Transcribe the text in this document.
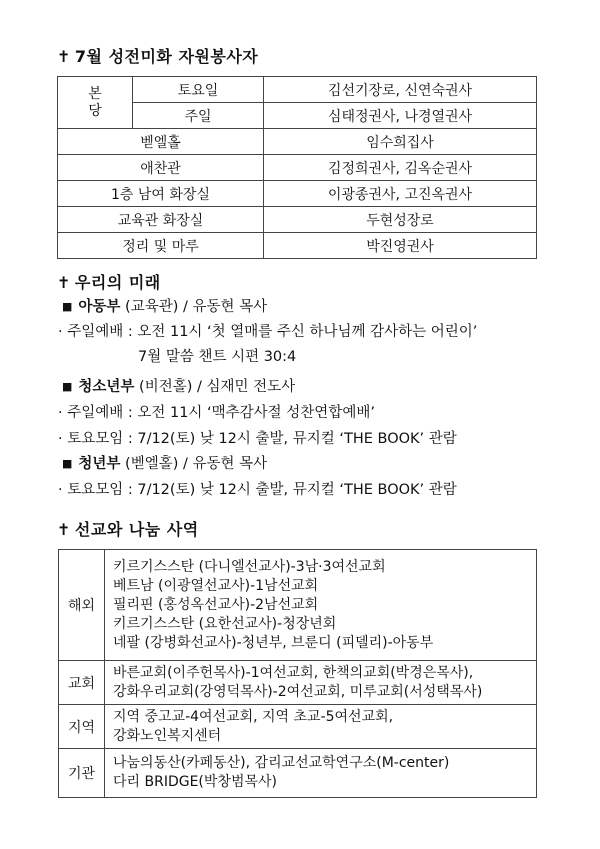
✝ 7월 성전미화 자원봉사자
본
당	토요일	김선기장로, 신연숙권사
	주일	심태정권사, 나경열권사
벧엘홀		임수희집사
애찬관		김정희권사, 김옥순권사
1층 남여 화장실		이광종권사, 고진옥권사
교육관 화장실		두현성장로
정리 및 마루		박진영권사
✝ 우리의 미래
■ 아동부 (교육관) / 유동현 목사
· 주일예배 : 오전 11시 ‘첫 열매를 주신 하나님께 감사하는 어린이’
7월 말씀 챈트 시편 30:4
■ 청소년부 (비전홀) / 심재민 전도사
· 주일예배 : 오전 11시 ‘맥추감사절 성찬연합예배’
· 토요모임 : 7/12(토) 낮 12시 출발, 뮤지컬 ‘THE BOOK’ 관람
■ 청년부 (벧엘홀) / 유동현 목사
· 토요모임 : 7/12(토) 낮 12시 출발, 뮤지컬 ‘THE BOOK’ 관람
✝ 선교와 나눔 사역
해외	키르기스스탄 (다니엘선교사)-3남·3여선교회
베트남 (이광열선교사)-1남선교회
필리핀 (홍성옥선교사)-2남선교회
키르기스스탄 (요한선교사)-청장년회
네팔 (강병화선교사)-청년부, 브룬디 (피델리)-아동부

교회	바른교회(이주헌목사)-1여선교회, 한책의교회(박경은목사),
강화우리교회(강영덕목사)-2여선교회, 미루교회(서성택목사)

지역	지역 중고교-4여선교회, 지역 초교-5여선교회,
강화노인복지센터

기관	나눔의동산(카페동산), 감리교선교학연구소(M-center)
다리 BRIDGE(박창범목사)
